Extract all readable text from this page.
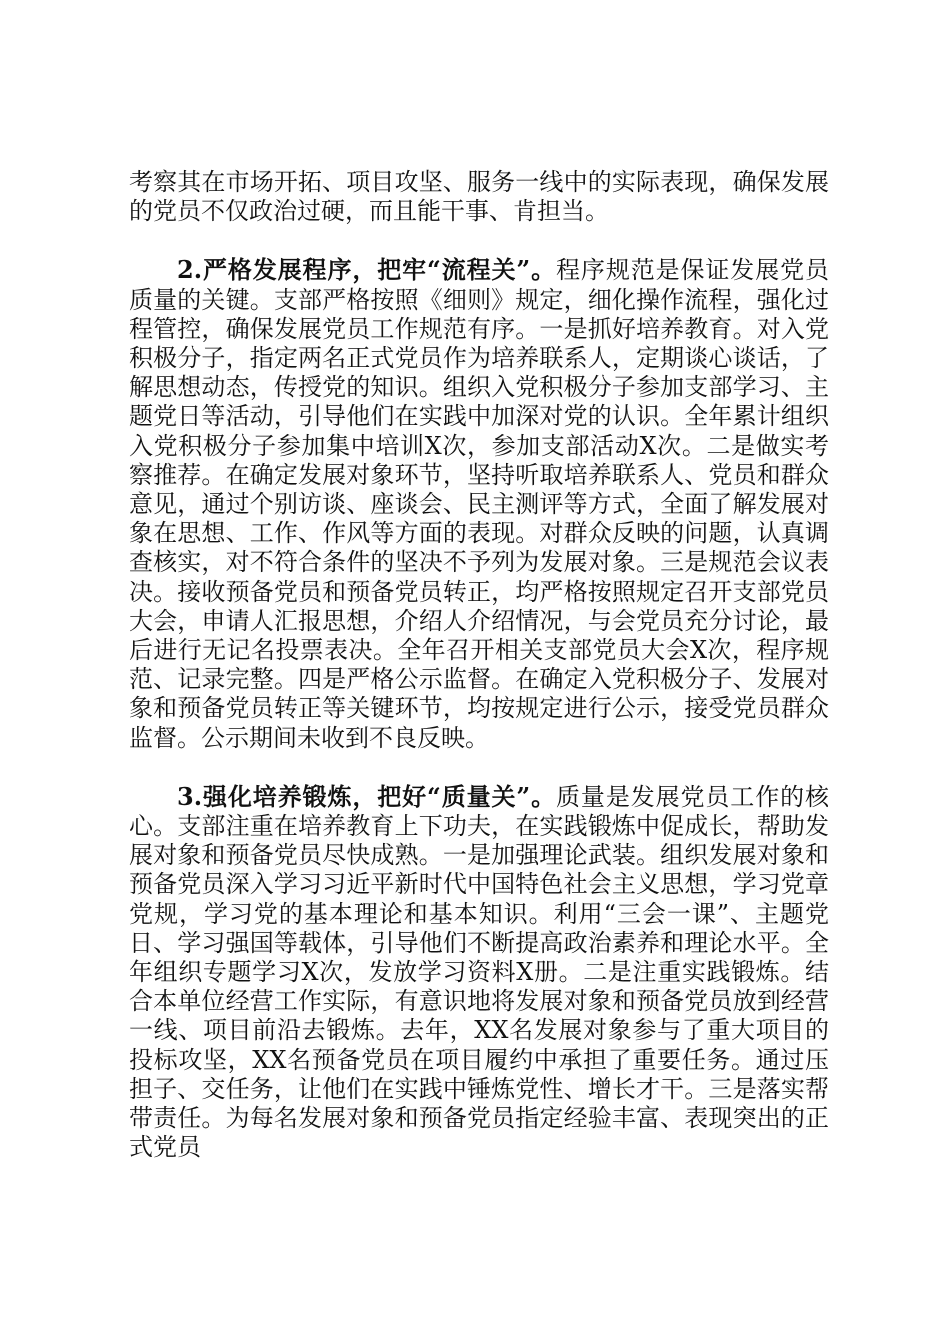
考察其在市场开拓、项目攻坚、服务一线中的实际表现，确保发展的党员不仅政治过硬，而且能干事、肯担当。

2.严格发展程序，把牢“流程关”。程序规范是保证发展党员质量的关键。支部严格按照《细则》规定，细化操作流程，强化过程管控，确保发展党员工作规范有序。一是抓好培养教育。对入党积极分子，指定两名正式党员作为培养联系人，定期谈心谈话，了解思想动态，传授党的知识。组织入党积极分子参加支部学习、主题党日等活动，引导他们在实践中加深对党的认识。全年累计组织入党积极分子参加集中培训X次，参加支部活动X次。二是做实考察推荐。在确定发展对象环节，坚持听取培养联系人、党员和群众意见，通过个别访谈、座谈会、民主测评等方式，全面了解发展对象在思想、工作、作风等方面的表现。对群众反映的问题，认真调查核实，对不符合条件的坚决不予列为发展对象。三是规范会议表决。接收预备党员和预备党员转正，均严格按照规定召开支部党员大会，申请人汇报思想，介绍人介绍情况，与会党员充分讨论，最后进行无记名投票表决。全年召开相关支部党员大会X次，程序规范、记录完整。四是严格公示监督。在确定入党积极分子、发展对象和预备党员转正等关键环节，均按规定进行公示，接受党员群众监督。公示期间未收到不良反映。

3.强化培养锻炼，把好“质量关”。质量是发展党员工作的核心。支部注重在培养教育上下功夫，在实践锻炼中促成长，帮助发展对象和预备党员尽快成熟。一是加强理论武装。组织发展对象和预备党员深入学习习近平新时代中国特色社会主义思想，学习党章党规，学习党的基本理论和基本知识。利用“三会一课”、主题党日、学习强国等载体，引导他们不断提高政治素养和理论水平。全年组织专题学习X次，发放学习资料X册。二是注重实践锻炼。结合本单位经营工作实际，有意识地将发展对象和预备党员放到经营一线、项目前沿去锻炼。去年，XX名发展对象参与了重大项目的投标攻坚，XX名预备党员在项目履约中承担了重要任务。通过压担子、交任务，让他们在实践中锤炼党性、增长才干。三是落实帮带责任。为每名发展对象和预备党员指定经验丰富、表现突出的正式党员
